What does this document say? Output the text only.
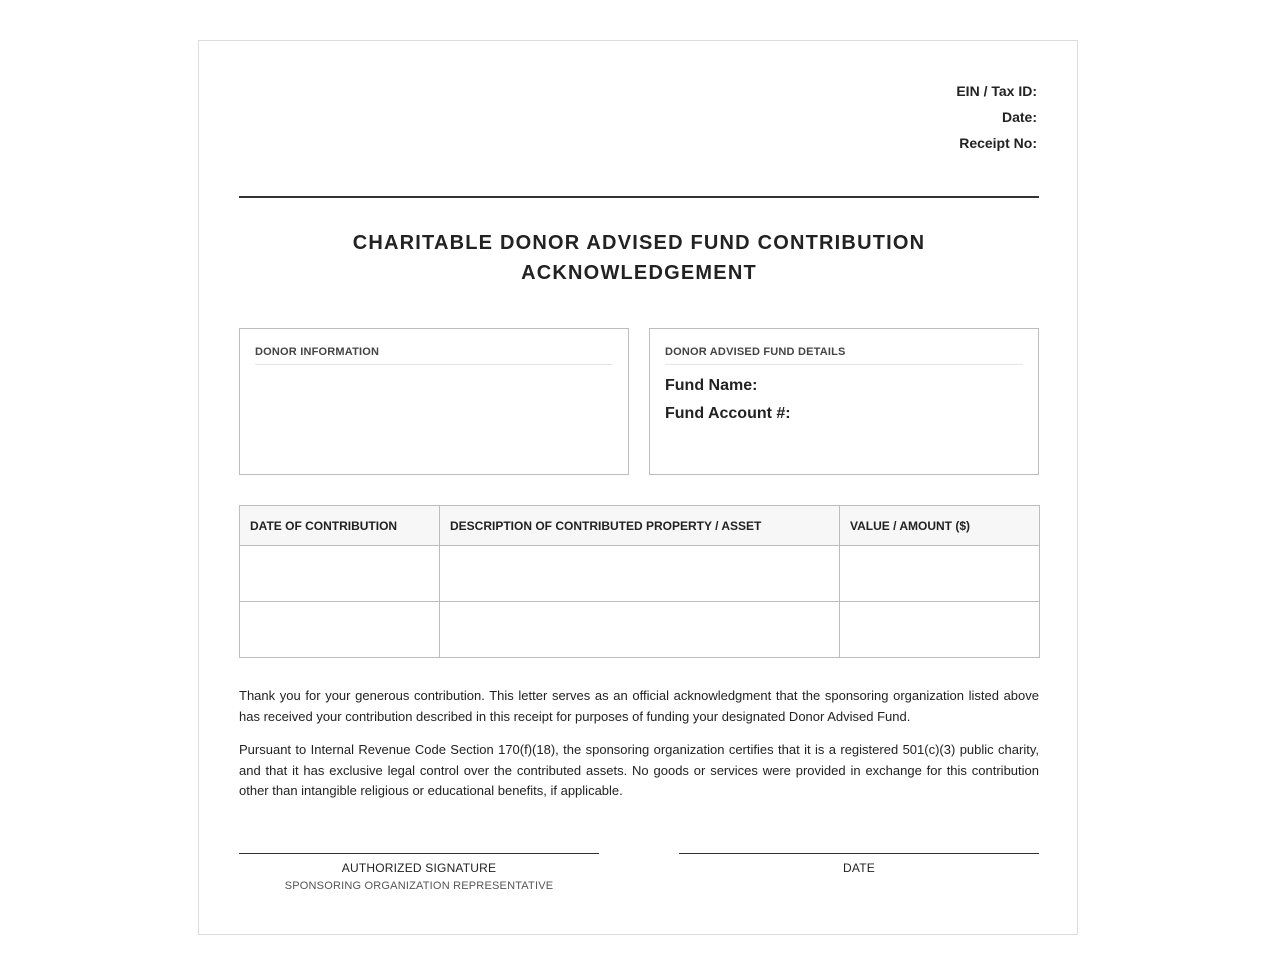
EIN / Tax ID:
Date:
Receipt No:
CHARITABLE DONOR ADVISED FUND CONTRIBUTION
ACKNOWLEDGEMENT
DONOR INFORMATION	DONOR ADVISED FUND DETAILS
Fund Name:
Fund Account #:
DATE OF CONTRIBUTION	DESCRIPTION OF CONTRIBUTED PROPERTY / ASSET	VALUE / AMOUNT ($)

Thank you for your generous contribution. This letter serves as an official acknowledgment that the sponsoring organization listed above has received your contribution described in this receipt for purposes of funding your designated Donor Advised Fund.
Pursuant to Internal Revenue Code Section 170(f)(18), the sponsoring organization certifies that it is a registered 501(c)(3) public charity, and that it has exclusive legal control over the contributed assets. No goods or services were provided in exchange for this contribution other than intangible religious or educational benefits, if applicable.
AUTHORIZED SIGNATURE
SPONSORING ORGANIZATION REPRESENTATIVE
DATE
